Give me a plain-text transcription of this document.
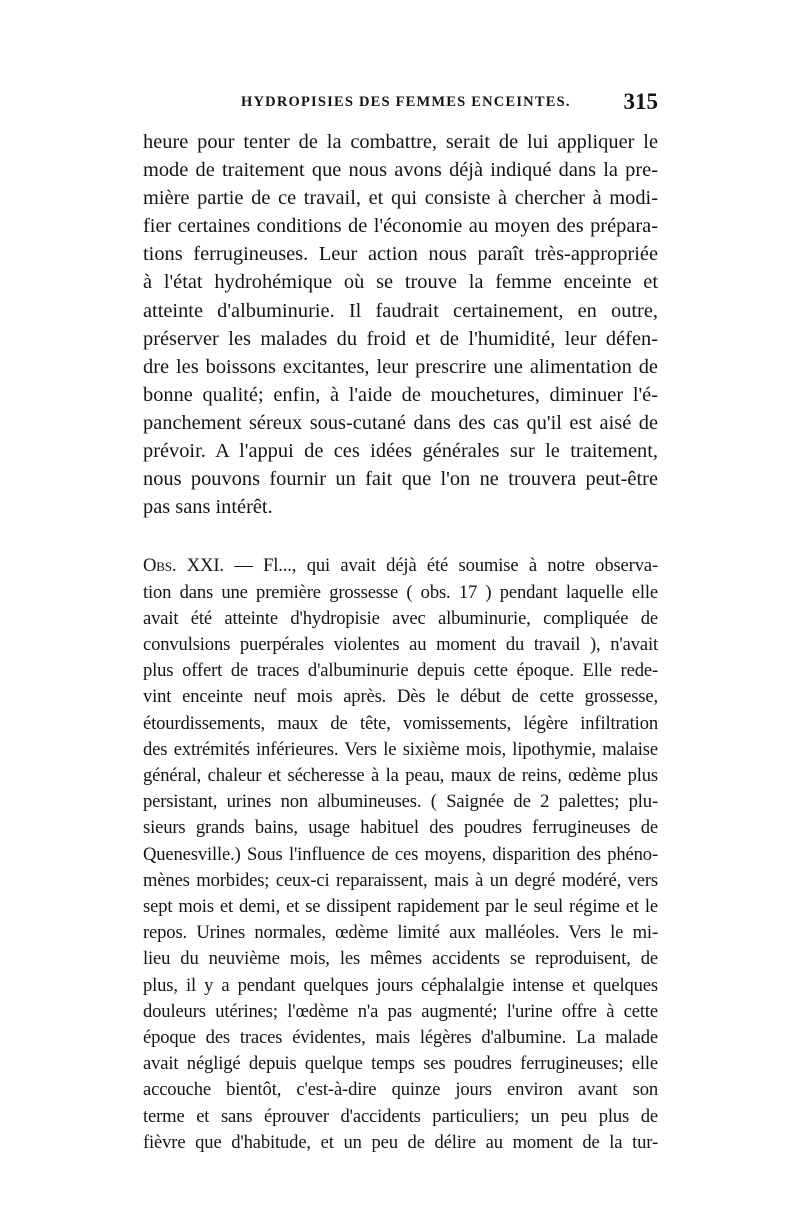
HYDROPISIES DES FEMMES ENCEINTES. 315
heure pour tenter de la combattre, serait de lui appliquer le
mode de traitement que nous avons déjà indiqué dans la pre-
mière partie de ce travail, et qui consiste à chercher à modi-
fier certaines conditions de l'économie au moyen des prépara-
tions ferrugineuses. Leur action nous paraît très-appropriée
à l'état hydrohémique où se trouve la femme enceinte et
atteinte d'albuminurie. Il faudrait certainement, en outre,
préserver les malades du froid et de l'humidité, leur défen-
dre les boissons excitantes, leur prescrire une alimentation de
bonne qualité; enfin, à l'aide de mouchetures, diminuer l'é-
panchement séreux sous-cutané dans des cas qu'il est aisé de
prévoir. A l'appui de ces idées générales sur le traitement,
nous pouvons fournir un fait que l'on ne trouvera peut-être
pas sans intérêt.
Obs. XXI. — Fl..., qui avait déjà été soumise à notre observa-
tion dans une première grossesse ( obs. 17 ) pendant laquelle elle
avait été atteinte d'hydropisie avec albuminurie, compliquée de
convulsions puerpérales violentes au moment du travail ), n'avait
plus offert de traces d'albuminurie depuis cette époque. Elle rede-
vint enceinte neuf mois après. Dès le début de cette grossesse,
étourdissements, maux de tête, vomissements, légère infiltration
des extrémités inférieures. Vers le sixième mois, lipothymie, malaise
général, chaleur et sécheresse à la peau, maux de reins, œdème plus
persistant, urines non albumineuses. ( Saignée de 2 palettes; plu-
sieurs grands bains, usage habituel des poudres ferrugineuses de
Quenesville.) Sous l'influence de ces moyens, disparition des phéno-
mènes morbides; ceux-ci reparaissent, mais à un degré modéré, vers
sept mois et demi, et se dissipent rapidement par le seul régime et le
repos. Urines normales, œdème limité aux malléoles. Vers le mi-
lieu du neuvième mois, les mêmes accidents se reproduisent, de
plus, il y a pendant quelques jours céphalalgie intense et quelques
douleurs utérines; l'œdème n'a pas augmenté; l'urine offre à cette
époque des traces évidentes, mais légères d'albumine. La malade
avait négligé depuis quelque temps ses poudres ferrugineuses; elle
accouche bientôt, c'est-à-dire quinze jours environ avant son
terme et sans éprouver d'accidents particuliers; un peu plus de
fièvre que d'habitude, et un peu de délire au moment de la tur-
